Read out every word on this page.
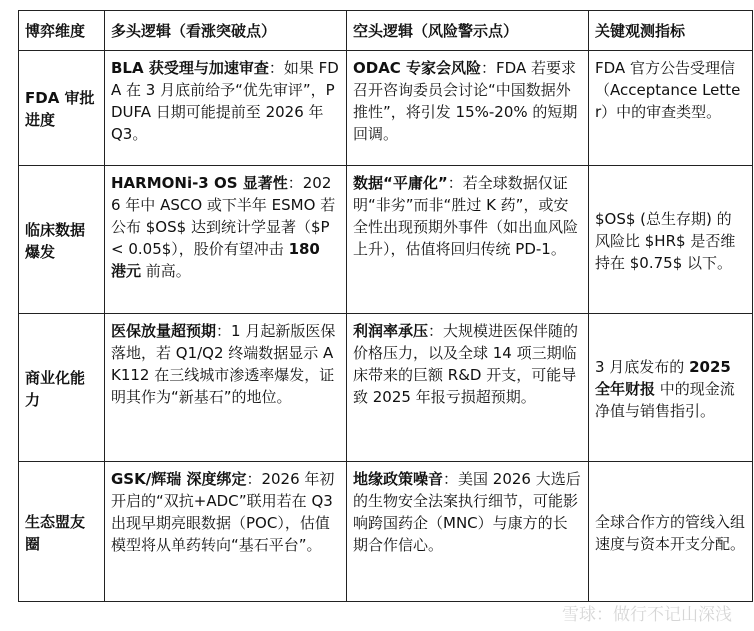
博弈维度	多头逻辑（看涨突破点）	空头逻辑（风险警示点）	关键观测指标
FDA 审批进度	BLA 获受理与加速审查：如果 FDA 在 3 月底前给予“优先审评”，PDUFA 日期可能提前至 2026 年 Q3。	ODAC 专家会风险：FDA 若要求召开咨询委员会讨论“中国数据外推性”，将引发 15%-20% 的短期回调。	FDA 官方公告受理信（Acceptance Letter）中的审查类型。
临床数据爆发	HARMONi-3 OS 显著性：2026 年中 ASCO 或下半年 ESMO 若公布 $OS$ 达到统计学显著（$P < 0.05$），股价有望冲击 180 港元 前高。	数据“平庸化”：若全球数据仅证明“非劣”而非“胜过 K 药”，或安全性出现预期外事件（如出血风险上升），估值将回归传统 PD-1。	$OS$ (总生存期) 的风险比 $HR$ 是否维持在 $0.75$ 以下。
商业化能力	医保放量超预期：1 月起新版医保落地，若 Q1/Q2 终端数据显示 AK112 在三线城市渗透率爆发，证明其作为“新基石”的地位。	利润率承压：大规模进医保伴随的价格压力，以及全球 14 项三期临床带来的巨额 R&D 开支，可能导致 2025 年报亏损超预期。	3 月底发布的 2025 全年财报 中的现金流净值与销售指引。
生态盟友圈	GSK/辉瑞 深度绑定：2026 年初开启的“双抗+ADC”联用若在 Q3 出现早期亮眼数据（POC），估值模型将从单药转向“基石平台”。	地缘政策噪音：美国 2026 大选后的生物安全法案执行细节，可能影响跨国药企（MNC）与康方的长期合作信心。	全球合作方的管线入组速度与资本开支分配。
雪球：做行不记山深浅
